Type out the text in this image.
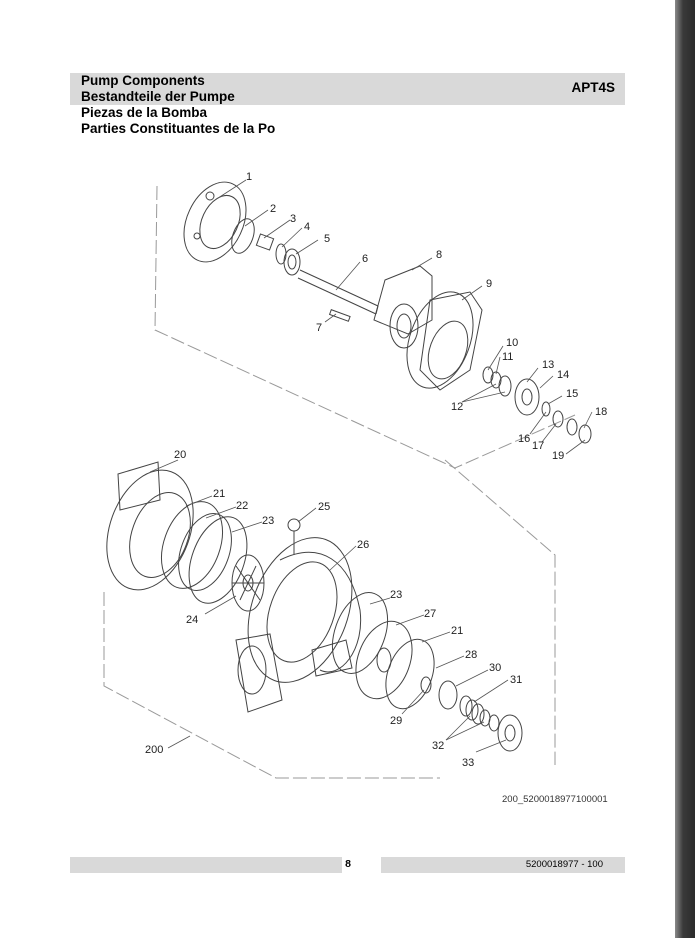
Pump Components
Bestandteile der Pumpe
Piezas de la Bomba
Parties Constituantes de la Po
APT4S
1
2
3
4
5
6
7
8
9
10
11
12
13
14
15
16
17
18
19
20
21
22
23
24
25
26
23
27
21
28
29
30
31
32
33
200
200_5200018977100001
8	5200018977 - 100
